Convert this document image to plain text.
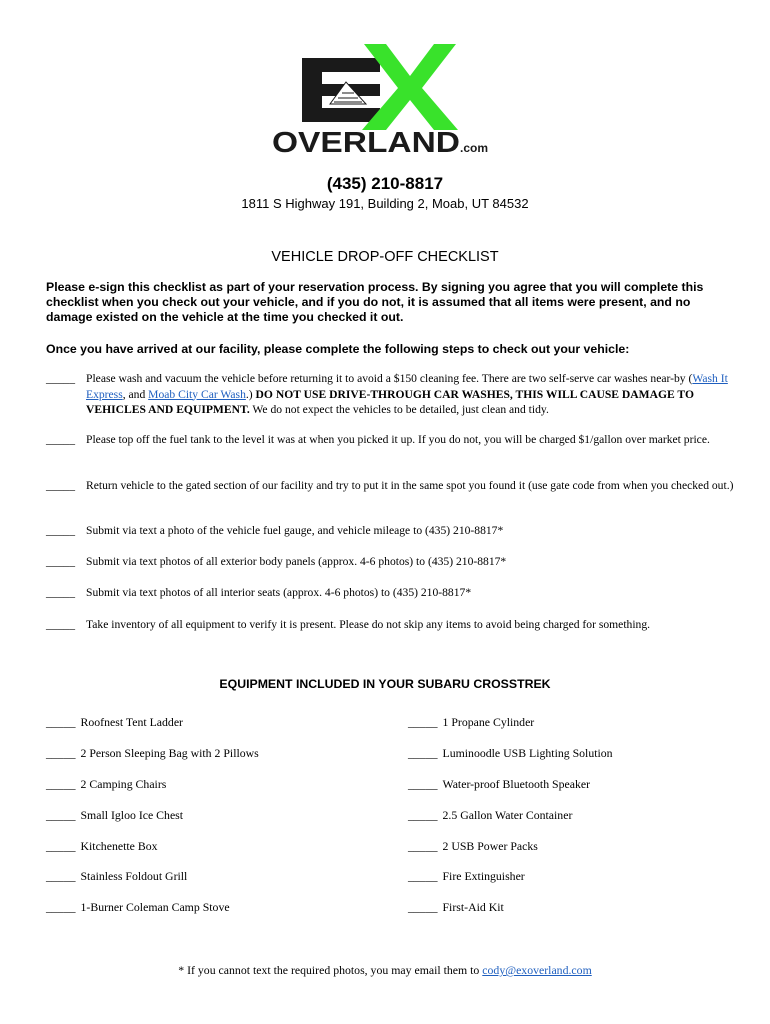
OVERLAND .com
(435) 210-8817
1811 S Highway 191, Building 2, Moab, UT 84532
VEHICLE DROP-OFF CHECKLIST
Please e-sign this checklist as part of your reservation process. By signing you agree that you will complete this checklist when you check out your vehicle, and if you do not, it is assumed that all items were present, and no damage existed on the vehicle at the time you checked it out.
Once you have arrived at our facility, please complete the following steps to check out your vehicle:
_____ Please wash and vacuum the vehicle before returning it to avoid a $150 cleaning fee. There are two self-serve car washes near-by (Wash It Express, and Moab City Car Wash.) DO NOT USE DRIVE-THROUGH CAR WASHES, THIS WILL CAUSE DAMAGE TO VEHICLES AND EQUIPMENT. We do not expect the vehicles to be detailed, just clean and tidy.
_____ Please top off the fuel tank to the level it was at when you picked it up. If you do not, you will be charged $1/gallon over market price.
_____ Return vehicle to the gated section of our facility and try to put it in the same spot you found it (use gate code from when you checked out.)
_____ Submit via text a photo of the vehicle fuel gauge, and vehicle mileage to (435) 210-8817*
_____ Submit via text photos of all exterior body panels (approx. 4-6 photos) to (435) 210-8817*
_____ Submit via text photos of all interior seats (approx. 4-6 photos) to (435) 210-8817*
_____ Take inventory of all equipment to verify it is present. Please do not skip any items to avoid being charged for something.
EQUIPMENT INCLUDED IN YOUR SUBARU CROSSTREK
_____ Roofnest Tent Ladder
_____ 2 Person Sleeping Bag with 2 Pillows
_____ 2 Camping Chairs
_____ Small Igloo Ice Chest
_____ Kitchenette Box
_____ Stainless Foldout Grill
_____ 1-Burner Coleman Camp Stove
_____ 1 Propane Cylinder
_____ Luminoodle USB Lighting Solution
_____ Water-proof Bluetooth Speaker
_____ 2.5 Gallon Water Container
_____ 2 USB Power Packs
_____ Fire Extinguisher
_____ First-Aid Kit
* If you cannot text the required photos, you may email them to cody@exoverland.com
